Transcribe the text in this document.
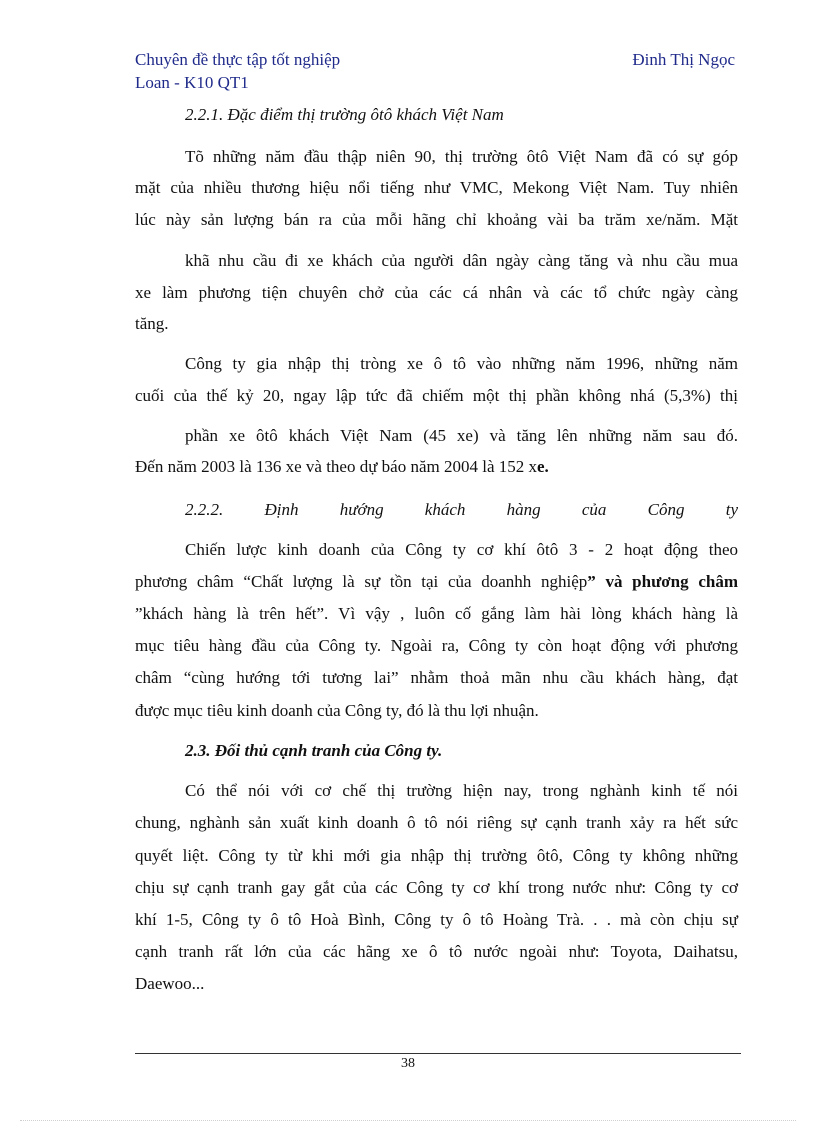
Chuyên đề thực tập tốt nghiệp	Đinh Thị Ngọc
Loan - K10 QT1
2.2.1. Đặc điểm thị trường ôtô khách Việt Nam
Tõ những năm đầu thập niên 90, thị trường ôtô Việt Nam đã có sự góp
mặt của nhiều thương hiệu nổi tiếng như VMC, Mekong Việt Nam. Tuy nhiên
lúc này sản lượng bán ra của mỗi hãng chỉ khoảng vài ba trăm xe/năm. Mặt
khã nhu cầu đi xe khách của người dân ngày càng tăng và nhu cầu mua
xe làm phương tiện chuyên chở của các cá nhân và các tổ chức ngày càng
tăng.
Công ty gia nhập thị tròng xe ô tô vào những năm 1996, những năm
cuối của thế kỷ 20, ngay lập tức đã chiếm một thị phần không nhá (5,3%) thị
phần xe ôtô khách Việt Nam (45 xe) và tăng lên những năm sau đó.
Đến năm 2003 là 136 xe và theo dự báo năm 2004 là 152 xe.
2.2.2. Định hướng khách hàng của Công ty
Chiến lược kinh doanh của Công ty cơ khí ôtô 3 - 2 hoạt động theo
phương châm “Chất lượng là sự tồn tại của doanhh nghiệp” và phương châm
”khách hàng là trên hết”. Vì vậy , luôn cố gắng làm hài lòng khách hàng là
mục tiêu hàng đầu của Công ty. Ngoài ra, Công ty còn hoạt động với phương
châm “cùng hướng tới tương lai” nhằm thoả mãn nhu cầu khách hàng, đạt
được mục tiêu kinh doanh của Công ty, đó là thu lợi nhuận.
2.3. Đối thủ cạnh tranh của Công ty.
Có thể nói với cơ chế thị trường hiện nay, trong nghành kinh tế nói
chung, nghành sản xuất kinh doanh ô tô nói riêng sự cạnh tranh xảy ra hết sức
quyết liệt. Công ty từ khi mới gia nhập thị trường ôtô, Công ty không những
chịu sự cạnh tranh gay gắt của các Công ty cơ khí trong nước như: Công ty cơ
khí 1-5, Công ty ô tô Hoà Bình, Công ty ô tô Hoàng Trà. . . mà còn chịu sự
cạnh tranh rất lớn của các hãng xe ô tô nước ngoài như: Toyota, Daihatsu,
Daewoo...
38
